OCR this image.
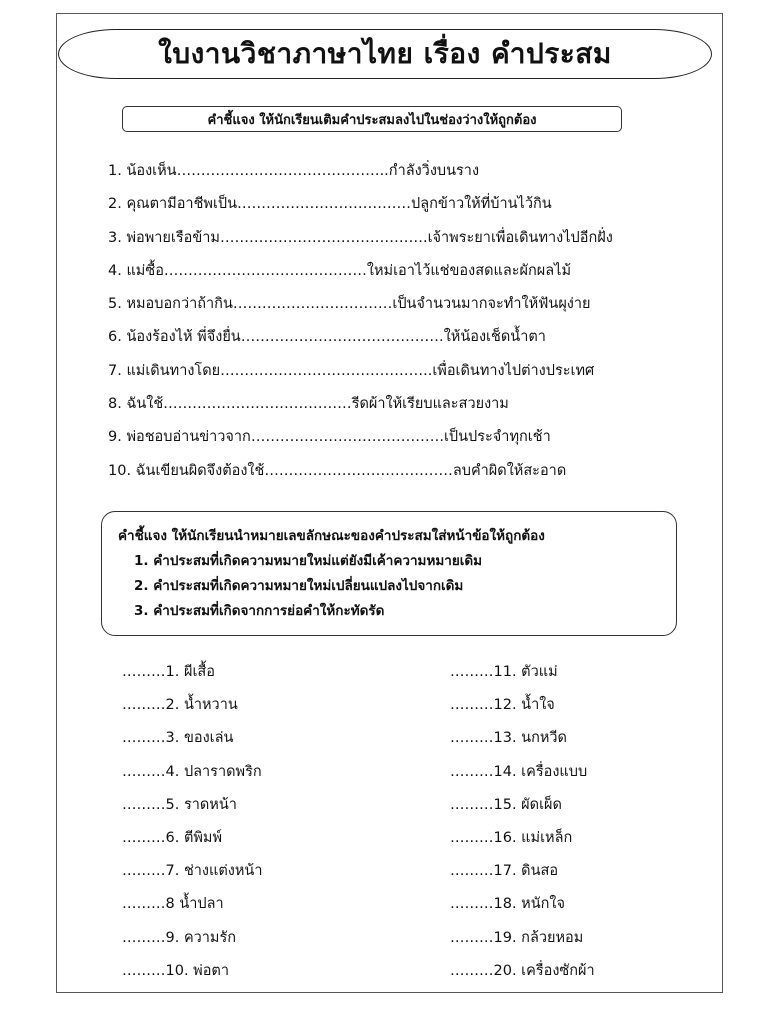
ใบงานวิชาภาษาไทย เรื่อง คำประสม
คำชี้แจง ให้นักเรียนเติมคำประสมลงไปในช่องว่างให้ถูกต้อง
1. น้องเห็น……………………………………..กำลังวิ่งบนราง
2. คุณตามีอาชีพเป็น………………………………ปลูกข้าวให้ที่บ้านไว้กิน
3. พ่อพายเรือข้าม…………………………………….เจ้าพระยาเพื่อเดินทางไปอีกฝั่ง
4. แม่ซื้อ……………………………………ใหม่เอาไว้แช่ของสดและผักผลไม้
5. หมอบอกว่าถ้ากิน……………………………เป็นจำนวนมากจะทำให้ฟันผุง่าย
6. น้องร้องไห้ พี่จึงยื่น……………………………………ให้น้องเช็ดน้ำตา
7. แม่เดินทางโดย……………………………………..เพื่อเดินทางไปต่างประเทศ
8. ฉันใช้…………………………………รีดผ้าให้เรียบและสวยงาม
9. พ่อชอบอ่านข่าวจาก………………………………….เป็นประจำทุกเช้า
10. ฉันเขียนผิดจึงต้องใช้…………………………………ลบคำผิดให้สะอาด
คำชี้แจง ให้นักเรียนนำหมายเลขลักษณะของคำประสมใส่หน้าข้อให้ถูกต้อง
1. คำประสมที่เกิดความหมายใหม่แต่ยังมีเค้าความหมายเดิม
2. คำประสมที่เกิดความหมายใหม่เปลี่ยนแปลงไปจากเดิม
3. คำประสมที่เกิดจากการย่อคำให้กะทัดรัด
………1. ผีเสื้อ
………2. น้ำหวาน
………3. ของเล่น
………4. ปลาราดพริก
………5. ราดหน้า
………6. ตีพิมพ์
………7. ช่างแต่งหน้า
………8 น้ำปลา
………9. ความรัก
………10. พ่อตา
………11. ตัวแม่
………12. น้ำใจ
………13. นกหวีด
………14. เครื่องแบบ
………15. ผัดเผ็ด
………16. แม่เหล็ก
………17. ดินสอ
………18. หนักใจ
………19. กล้วยหอม
………20. เครื่องซักผ้า
